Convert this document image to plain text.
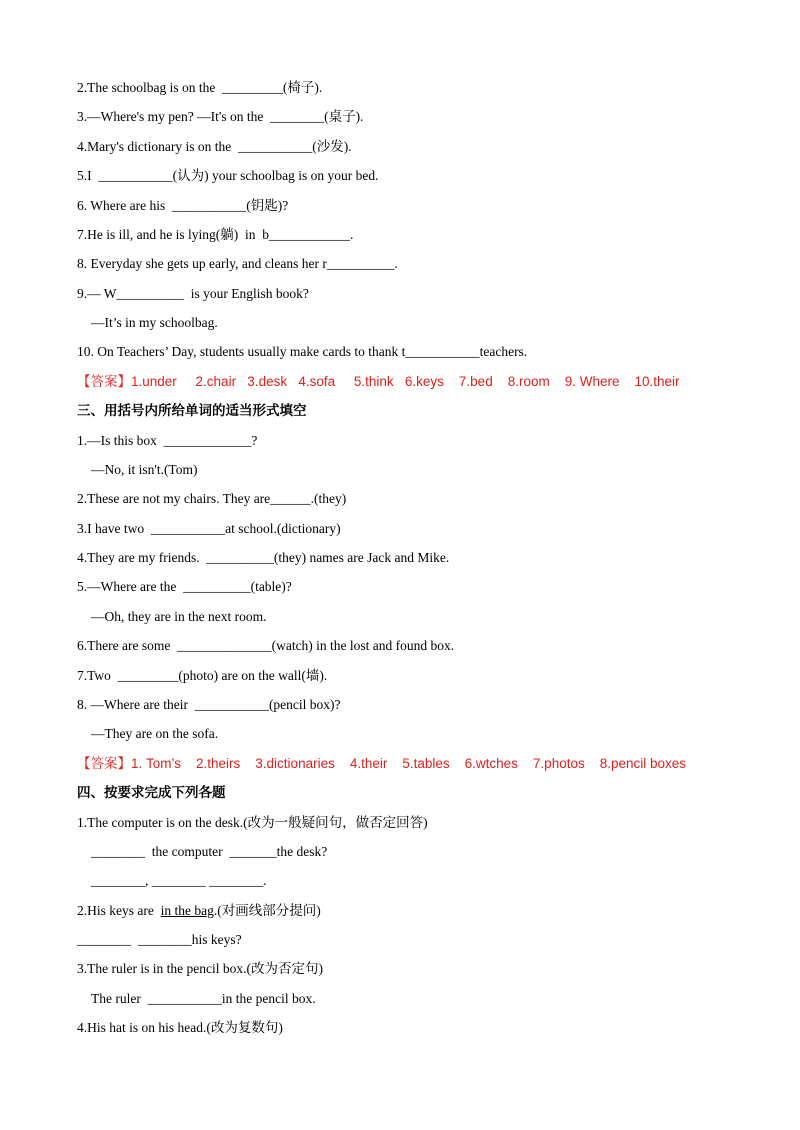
2.The schoolbag is on the  _________(椅子).
3.—Where's my pen? —It's on the  ________(桌子).
4.Mary's dictionary is on the  ___________(沙发).
5.I  ___________(认为) your schoolbag is on your bed.
6. Where are his  ___________(钥匙)?
7.He is ill, and he is lying(躺)  in  b____________.
8. Everyday she gets up early, and cleans her r__________.
9.— W__________  is your English book?
—It’s in my schoolbag.
10. On Teachers’ Day, students usually make cards to thank t___________teachers.
【答案】1.under     2.chair   3.desk   4.sofa     5.think   6.keys    7.bed    8.room    9. Where    10.their
三、用括号内所给单词的适当形式填空
1.—Is this box  _____________?
—No, it isn't.(Tom)
2.These are not my chairs. They are______.(they)
3.I have two  ___________at school.(dictionary)
4.They are my friends.  __________(they) names are Jack and Mike.
5.—Where are the  __________(table)?
—Oh, they are in the next room.
6.There are some  ______________(watch) in the lost and found box.
7.Two  _________(photo) are on the wall(墙).
8. —Where are their  ___________(pencil box)?
—They are on the sofa.
【答案】1. Tom’s    2.theirs    3.dictionaries    4.their    5.tables    6.wtches    7.photos    8.pencil boxes
四、按要求完成下列各题
1.The computer is on the desk.(改为一般疑问句，做否定回答)
________  the computer  _______the desk?
________, ________ ________.
2.His keys are  in the bag.(对画线部分提问)
________  ________his keys?
3.The ruler is in the pencil box.(改为否定句)
The ruler  ___________in the pencil box.
4.His hat is on his head.(改为复数句)
